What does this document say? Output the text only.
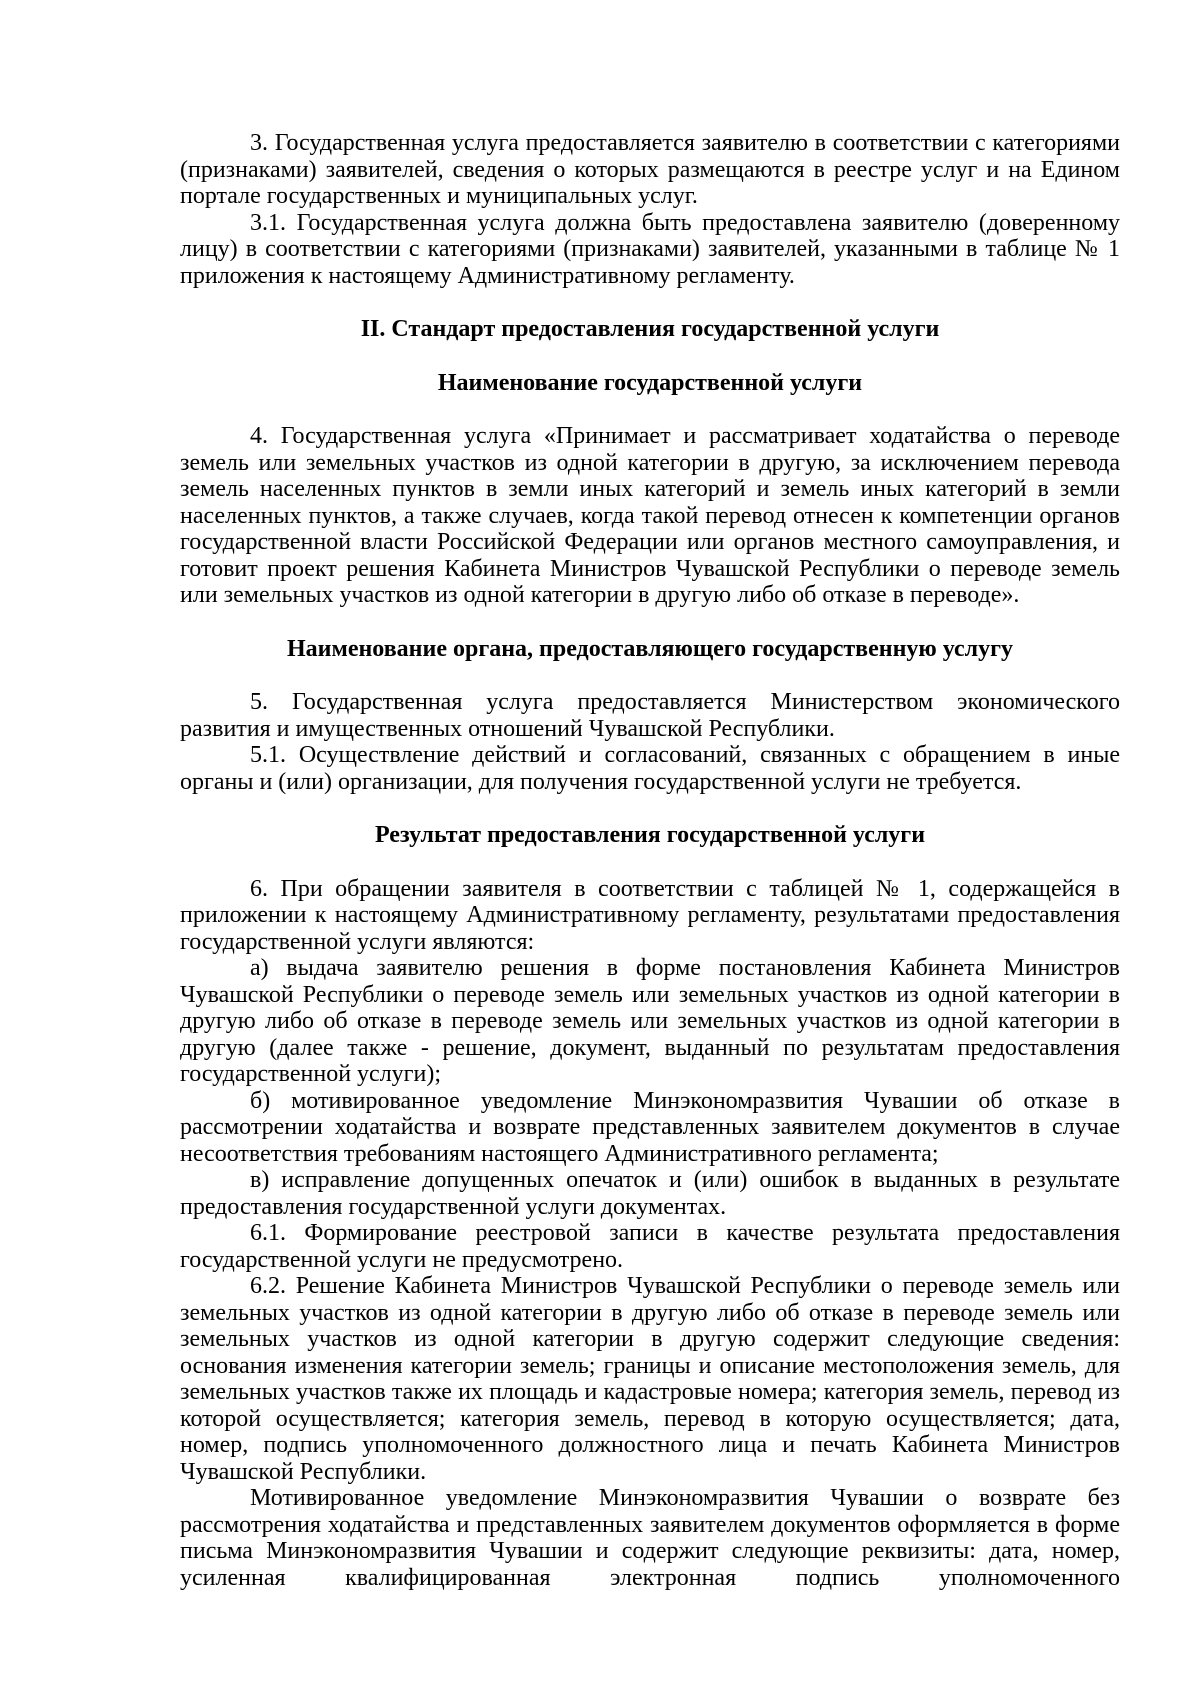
3. Государственная услуга предоставляется заявителю в соответствии с категориями (признаками) заявителей, сведения о которых размещаются в реестре услуг и на Едином портале государственных и муниципальных услуг.

3.1. Государственная услуга должна быть предоставлена заявителю (доверенному лицу) в соответствии с категориями (признаками) заявителей, указанными в таблице № 1 приложения к настоящему Административному регламенту.

II. Стандарт предоставления государственной услуги

Наименование государственной услуги

4. Государственная услуга «Принимает и рассматривает ходатайства о переводе земель или земельных участков из одной категории в другую, за исключением перевода земель населенных пунктов в земли иных категорий и земель иных категорий в земли населенных пунктов, а также случаев, когда такой перевод отнесен к компетенции органов государственной власти Российской Федерации или органов местного самоуправления, и готовит проект решения Кабинета Министров Чувашской Республики о переводе земель или земельных участков из одной категории в другую либо об отказе в переводе».

Наименование органа, предоставляющего государственную услугу

5. Государственная услуга предоставляется Министерством экономического развития и имущественных отношений Чувашской Республики.

5.1. Осуществление действий и согласований, связанных с обращением в иные органы и (или) организации, для получения государственной услуги не требуется.

Результат предоставления государственной услуги

6. При обращении заявителя в соответствии с таблицей № 1, содержащейся в приложении к настоящему Административному регламенту, результатами предоставления государственной услуги являются:

а) выдача заявителю решения в форме постановления Кабинета Министров Чувашской Республики о переводе земель или земельных участков из одной категории в другую либо об отказе в переводе земель или земельных участков из одной категории в другую (далее также - решение, документ, выданный по результатам предоставления государственной услуги);

б) мотивированное уведомление Минэкономразвития Чувашии об отказе в рассмотрении ходатайства и возврате представленных заявителем документов в случае несоответствия требованиям настоящего Административного регламента;

в) исправление допущенных опечаток и (или) ошибок в выданных в результате предоставления государственной услуги документах.

6.1. Формирование реестровой записи в качестве результата предоставления государственной услуги не предусмотрено.

6.2. Решение Кабинета Министров Чувашской Республики о переводе земель или земельных участков из одной категории в другую либо об отказе в переводе земель или земельных участков из одной категории в другую содержит следующие сведения: основания изменения категории земель; границы и описание местоположения земель, для земельных участков также их площадь и кадастровые номера; категория земель, перевод из которой осуществляется; категория земель, перевод в которую осуществляется; дата, номер, подпись уполномоченного должностного лица и печать Кабинета Министров Чувашской Республики.

Мотивированное уведомление Минэкономразвития Чувашии о возврате без рассмотрения ходатайства и представленных заявителем документов оформляется в форме письма Минэкономразвития Чувашии и содержит следующие реквизиты: дата, номер, усиленная квалифицированная электронная подпись уполномоченного
